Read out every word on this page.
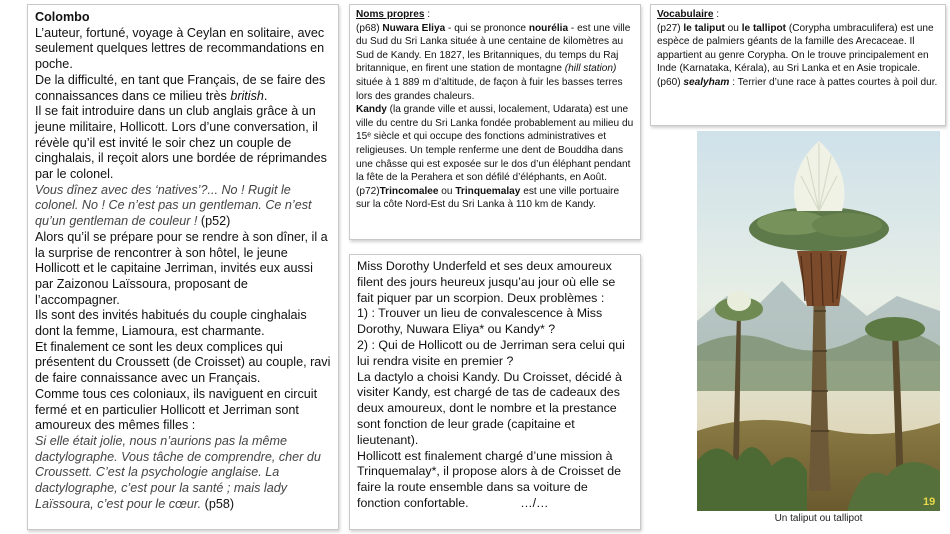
Colombo

L’auteur, fortuné, voyage à Ceylan en solitaire, avec seulement quelques lettres de recommandations en poche.

De la difficulté, en tant que Français, de se faire des connaissances dans ce milieu très british.

Il se fait introduire dans un club anglais grâce à un jeune militaire, Hollicott. Lors d’une conversation, il révèle qu’il est invité le soir chez un couple de cinghalais, il reçoit alors une bordée de réprimandes par le colonel.

Vous dînez avec des ‘natives’?... No ! Rugit le colonel. No ! Ce n’est pas un gentleman. Ce n’est qu’un gentleman de couleur ! (p52)

Alors qu’il se prépare pour se rendre à son dîner, il a la surprise de rencontrer à son hôtel, le jeune Hollicott et le capitaine Jerriman, invités eux aussi par Zaizonou Laïssoura, proposant de l’accompagner.

Ils sont des invités habitués du couple cinghalais dont la femme, Liamoura, est charmante.

Et finalement ce sont les deux complices qui présentent du Croussett (de Croisset) au couple, ravi de faire connaissance avec un Français.

Comme tous ces coloniaux, ils naviguent en circuit fermé et en particulier Hollicott et Jerriman sont amoureux des mêmes filles :

Si elle était jolie, nous n’aurions pas la même dactylographe. Vous tâche de comprendre, cher du Croussett. C’est la psychologie anglaise. La dactylographe, c’est pour la santé ; mais lady Laïssoura, c’est pour le cœur. (p58)

Noms propres :

(p68) Nuwara Eliya - qui se prononce nourélia - est une ville du Sud du Sri Lanka située à une centaine de kilomètres au Sud de Kandy. En 1827, les Britanniques, du temps du Raj britannique, en firent une station de montagne (hill station) située à 1 889 m d’altitude, de façon à fuir les basses terres lors des grandes chaleurs.

Kandy (la grande ville et aussi, localement, Udarata) est une ville du centre du Sri Lanka fondée probablement au milieu du 15ᵉ siècle et qui occupe des fonctions administratives et religieuses. Un temple renferme une dent de Bouddha dans une châsse qui est exposée sur le dos d’un éléphant pendant la fête de la Perahera et son défilé d’éléphants, en Août.

(p72)Trincomalee ou Trinquemalay est une ville portuaire sur la côte Nord-Est du Sri Lanka à 110 km de Kandy.

Miss Dorothy Underfeld et ses deux amoureux filent des jours heureux jusqu’au jour où elle se fait piquer par un scorpion. Deux problèmes :

1) : Trouver un lieu de convalescence à Miss Dorothy, Nuwara Eliya* ou Kandy* ?

2) : Qui de Hollicott ou de Jerriman sera celui qui lui rendra visite en premier ?

La dactylo a choisi Kandy. Du Croisset, décidé à visiter Kandy, est chargé de tas de cadeaux des deux amoureux, dont le nombre et la prestance sont fonction de leur grade (capitaine et lieutenant).

Hollicott est finalement chargé d’une mission à Trinquemalay*, il propose alors à de Croisset de faire la route ensemble dans sa voiture de fonction confortable.	…/…

Vocabulaire :

(p27) le taliput ou le tallipot (Corypha umbraculifera) est une espèce de palmiers géants de la famille des Arecaceae. Il appartient au genre Corypha. On le trouve principalement en Inde (Karnataka, Kérala), au Sri Lanka et en Asie tropicale.

(p60) sealyham : Terrier d’une race à pattes courtes à poil dur.

19
Un taliput ou tallipot
